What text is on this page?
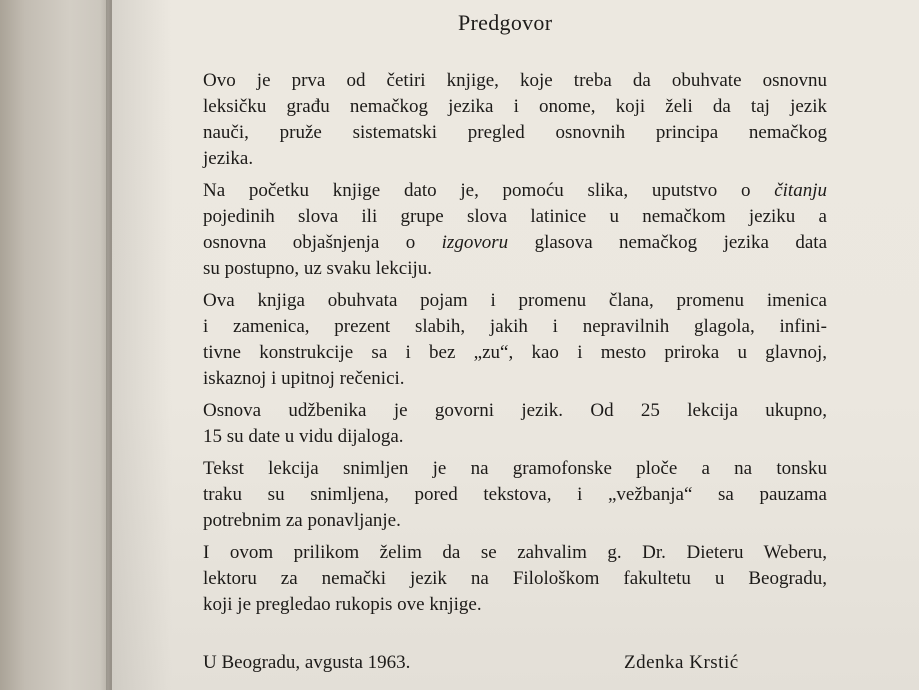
Predgovor
Ovo je prva od četiri knjige, koje treba da obuhvate osnovnu
leksičku građu nemačkog jezika i onome, koji želi da taj jezik
nauči, pruže sistematski pregled osnovnih principa nemačkog
jezika.
Na početku knjige dato je, pomoću slika, uputstvo o čitanju
pojedinih slova ili grupe slova latinice u nemačkom jeziku a
osnovna objašnjenja o izgovoru glasova nemačkog jezika data
su postupno, uz svaku lekciju.
Ova knjiga obuhvata pojam i promenu člana, promenu imenica
i zamenica, prezent slabih, jakih i nepravilnih glagola, infini-
tivne konstrukcije sa i bez „zu“, kao i mesto priroka u glavnoj,
iskaznoj i upitnoj rečenici.
Osnova udžbenika je govorni jezik. Od 25 lekcija ukupno,
15 su date u vidu dijaloga.
Tekst lekcija snimljen je na gramofonske ploče a na tonsku
traku su snimljena, pored tekstova, i „vežbanja“ sa pauzama
potrebnim za ponavljanje.
I ovom prilikom želim da se zahvalim g. Dr. Dieteru Weberu,
lektoru za nemački jezik na Filološkom fakultetu u Beogradu,
koji je pregledao rukopis ove knjige.
U Beogradu, avgusta 1963.	Zdenka Krstić
